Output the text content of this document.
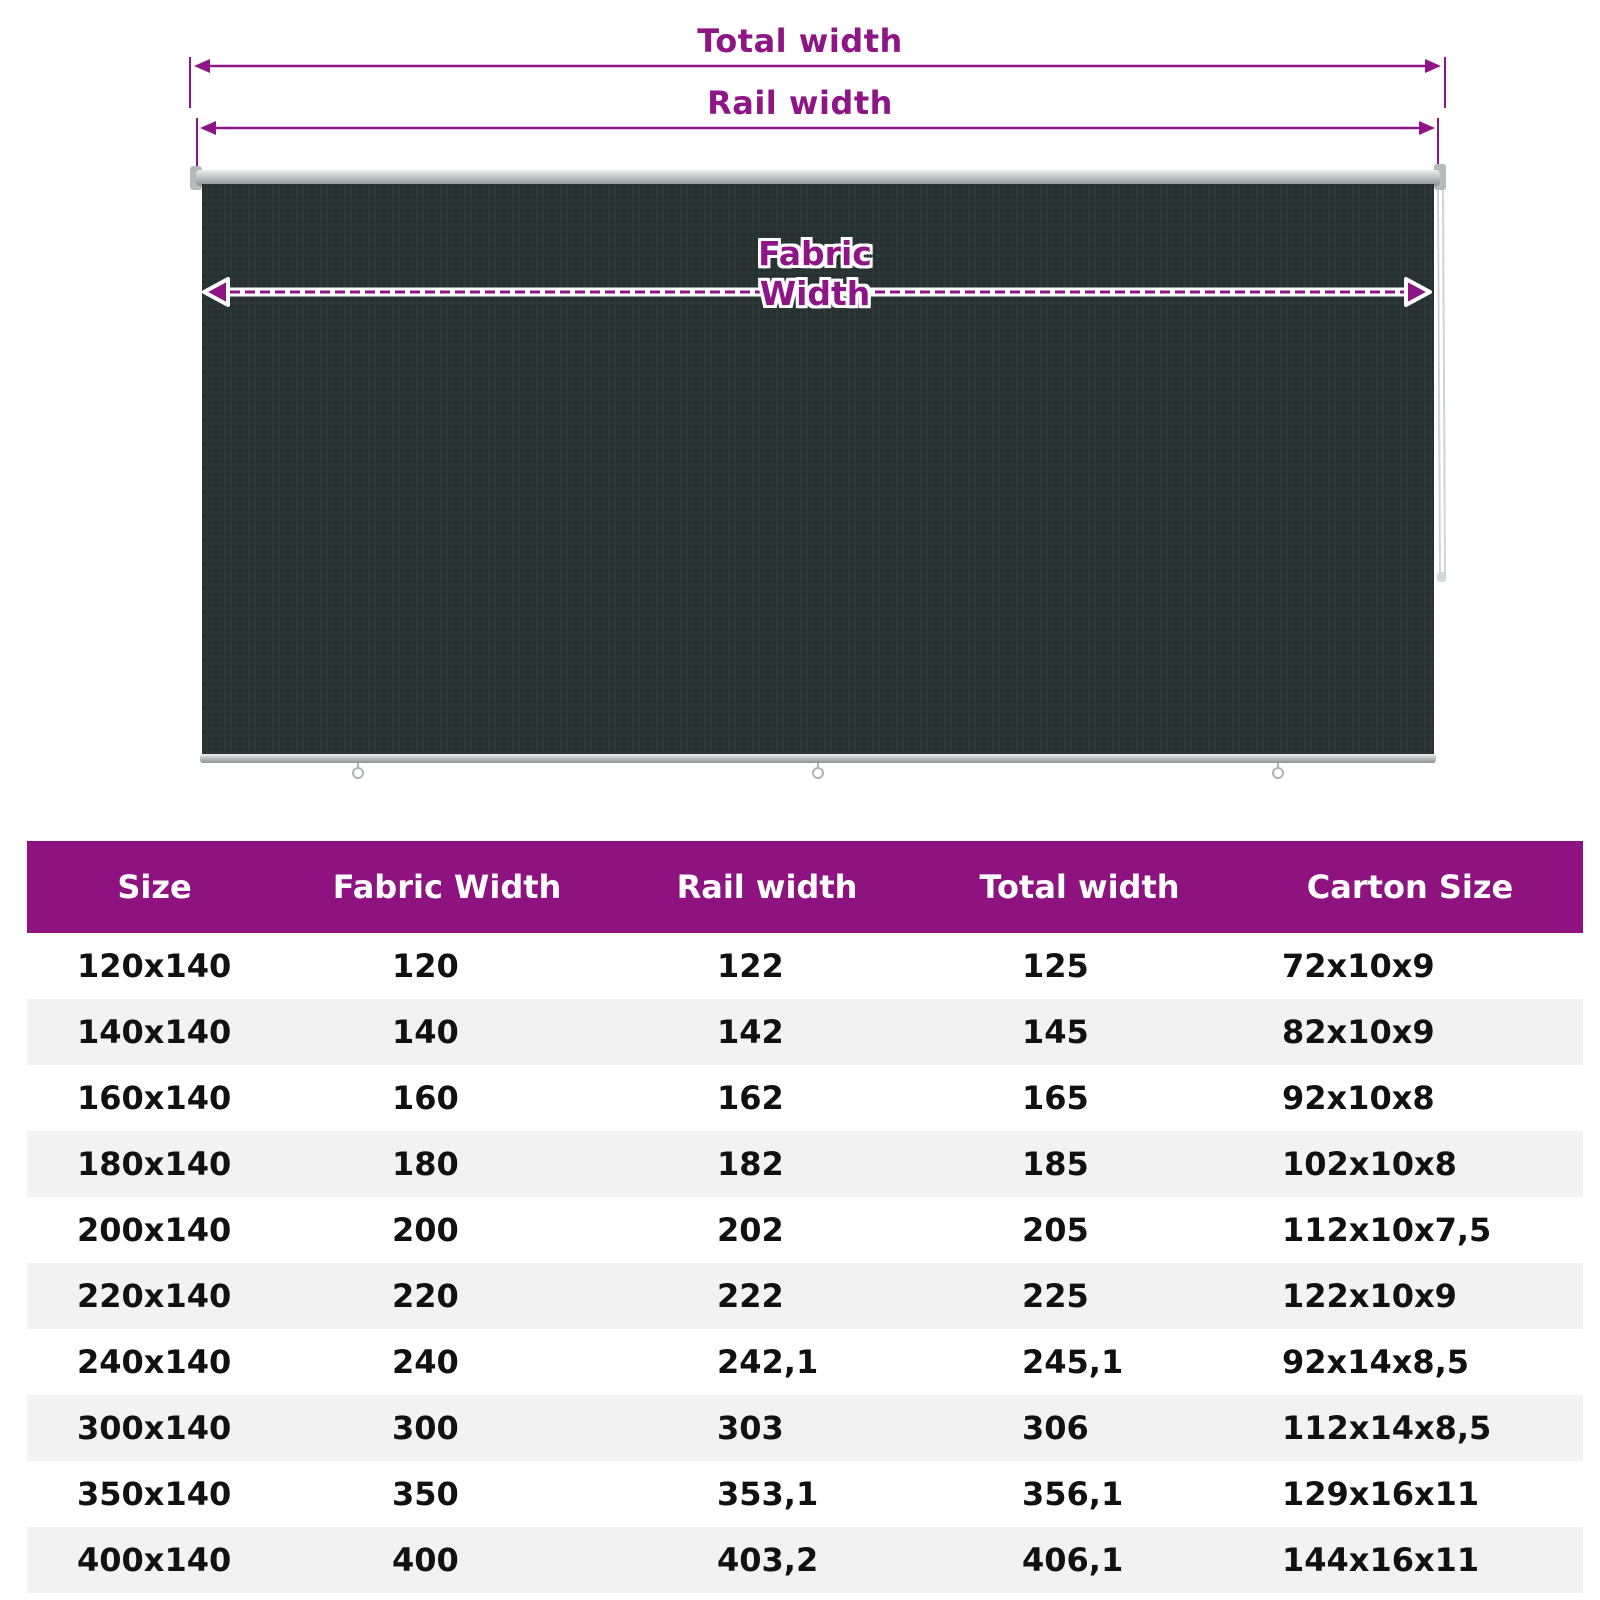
Total width
Rail width
Fabric Width
Size	Fabric Width	Rail width	Total width	Carton Size
120x140	120	122	125	72x10x9
140x140	140	142	145	82x10x9
160x140	160	162	165	92x10x8
180x140	180	182	185	102x10x8
200x140	200	202	205	112x10x7,5
220x140	220	222	225	122x10x9
240x140	240	242,1	245,1	92x14x8,5
300x140	300	303	306	112x14x8,5
350x140	350	353,1	356,1	129x16x11
400x140	400	403,2	406,1	144x16x11
